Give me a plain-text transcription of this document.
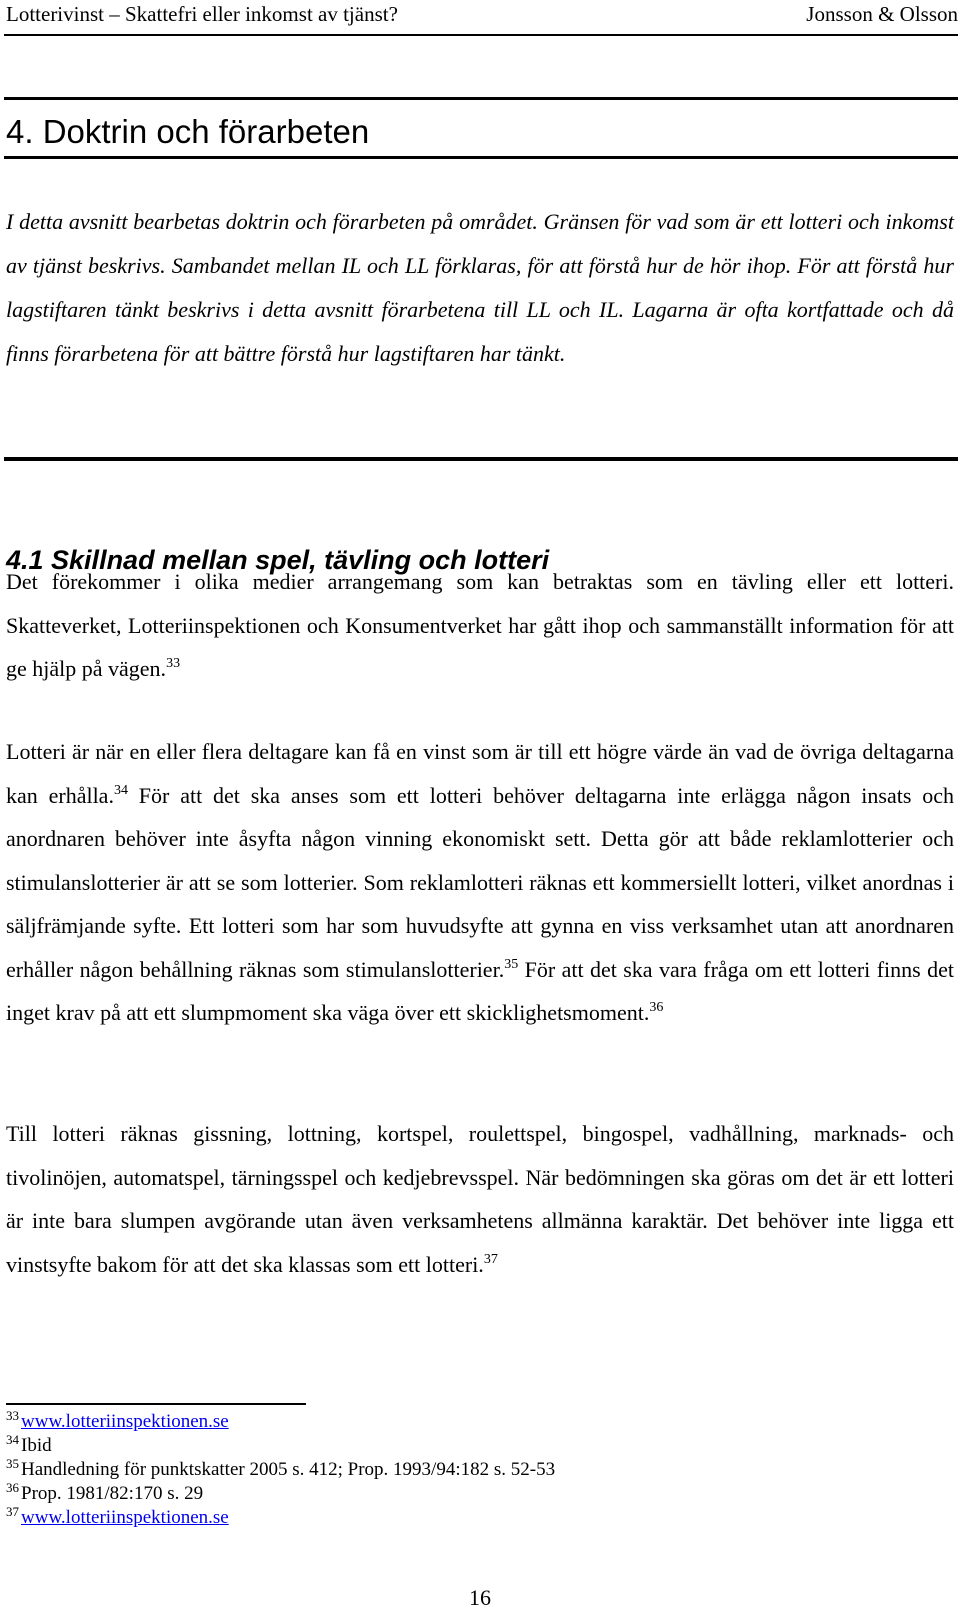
Lotterivinst – Skattefri eller inkomst av tjänst?	Jonsson & Olsson
4. Doktrin och förarbeten

I detta avsnitt bearbetas doktrin och förarbeten på området. Gränsen för vad som är ett lotteri och inkomst av tjänst beskrivs. Sambandet mellan IL och LL förklaras, för att förstå hur de hör ihop. För att förstå hur lagstiftaren tänkt beskrivs i detta avsnitt förarbetena till LL och IL. Lagarna är ofta kortfattade och då finns förarbetena för att bättre förstå hur lagstiftaren har tänkt.

4.1 Skillnad mellan spel, tävling och lotteri

Det förekommer i olika medier arrangemang som kan betraktas som en tävling eller ett lotteri. Skatteverket, Lotteriinspektionen och Konsumentverket har gått ihop och sammanställt information för att ge hjälp på vägen.$^{33}$

Lotteri är när en eller flera deltagare kan få en vinst som är till ett högre värde än vad de övriga deltagarna kan erhålla.$^{34}$ För att det ska anses som ett lotteri behöver deltagarna inte erlägga någon insats och anordnaren behöver inte åsyfta någon vinning ekonomiskt sett. Detta gör att både reklamlotterier och stimulanslotterier är att se som lotterier. Som reklamlotteri räknas ett kommersiellt lotteri, vilket anordnas i säljfrämjande syfte. Ett lotteri som har som huvudsyfte att gynna en viss verksamhet utan att anordnaren erhåller någon behållning räknas som stimulanslotterier.$^{35}$ För att det ska vara fråga om ett lotteri finns det inget krav på att ett slumpmoment ska väga över ett skicklighetsmoment.$^{36}$

Till lotteri räknas gissning, lottning, kortspel, roulettspel, bingospel, vadhållning, marknads- och tivolinöjen, automatspel, tärningsspel och kedjebrevsspel. När bedömningen ska göras om det är ett lotteri är inte bara slumpen avgörande utan även verksamhetens allmänna karaktär. Det behöver inte ligga ett vinstsyfte bakom för att det ska klassas som ett lotteri.$^{37}$

$^{33}$ www.lotteriinspektionen.se
$^{34}$ Ibid
$^{35}$ Handledning för punktskatter 2005 s. 412; Prop. 1993/94:182 s. 52-53
$^{36}$ Prop. 1981/82:170 s. 29
$^{37}$ www.lotteriinspektionen.se
16
